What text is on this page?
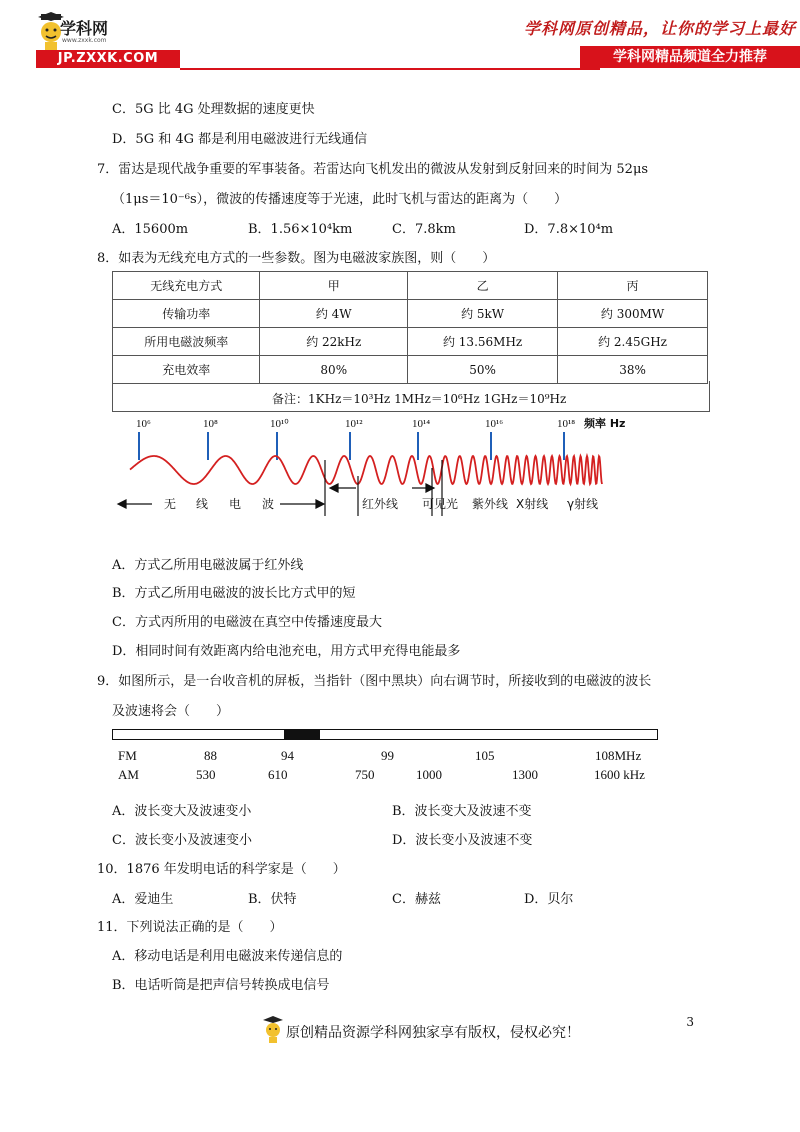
学科网
www.zxxk.com
JP.ZXXK.COM
学科网原创精品，让你的学习上最好
学科网精品频道全力推荐
C．5G 比 4G 处理数据的速度更快
D．5G 和 4G 都是利用电磁波进行无线通信
7．雷达是现代战争重要的军事装备。若雷达向飞机发出的微波从发射到反射回来的时间为 52μs
（1μs＝10⁻⁶s），微波的传播速度等于光速，此时飞机与雷达的距离为（　　）
A．15600m	B．1.56×10⁴km	C．7.8km	D．7.8×10⁴m
8．如表为无线充电方式的一些参数。图为电磁波家族图，则（　　）
无线充电方式	甲	乙	丙
传输功率	约 4W	约 5kW	约 300MW
所用电磁波频率	约 22kHz	约 13.56MHz	约 2.45GHz
充电效率	80%	50%	38%
备注：1KHz＝10³Hz 1MHz＝10⁶Hz 1GHz＝10⁹Hz
10⁶	10⁸	10¹⁰	10¹²	10¹⁴	10¹⁶	10¹⁸ 频率 Hz
无 线 电 波	红外线 可见光 紫外线 X射线 γ射线
A．方式乙所用电磁波属于红外线
B．方式乙所用电磁波的波长比方式甲的短
C．方式丙所用的电磁波在真空中传播速度最大
D．相同时间有效距离内给电池充电，用方式甲充得电能最多
9．如图所示，是一台收音机的屏板，当指针（图中黑块）向右调节时，所接收到的电磁波的波长
及波速将会（　　）
FM	88	94	99	105	108MHz
AM	530	610	750	1000	1300	1600 kHz
A．波长变大及波速变小	B．波长变大及波速不变
C．波长变小及波速变小	D．波长变小及波速不变
10．1876 年发明电话的科学家是（　　）
A．爱迪生	B．伏特	C．赫兹	D．贝尔
11．下列说法正确的是（　　）
A．移动电话是利用电磁波来传递信息的
B．电话听筒是把声信号转换成电信号
3
原创精品资源学科网独家享有版权，侵权必究！
